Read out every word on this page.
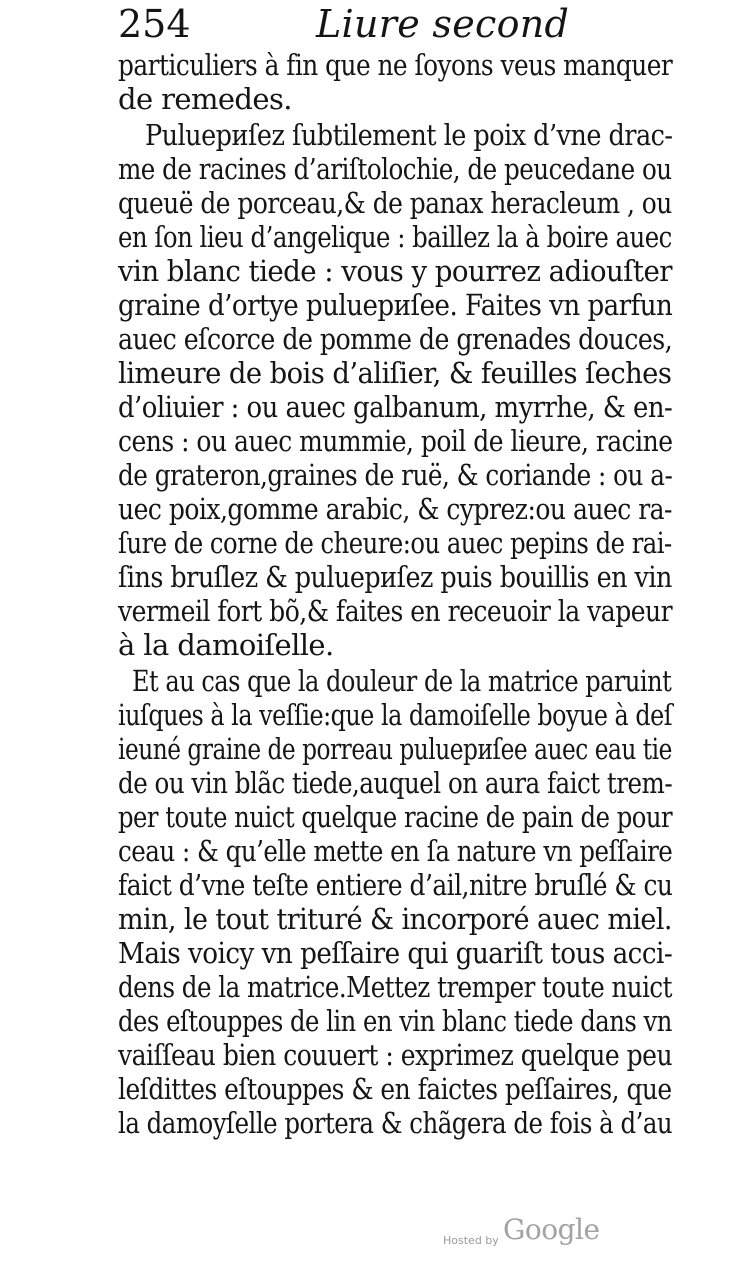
254	Liure second
particuliers à fin que ne ſoyons veus manquer
de remedes.
Puluериſez ſubtilement le poix d’vne drac-
me de racines d’ariſtolochie, de peucedane ou
queuë de porceau,& de panax heracleum , ou
en ſon lieu d’angelique : baillez la à boire auec
vin blanc tiede : vous y pourrez adiouſter
graine d’ortye puluериſee. Faites vn parfun
auec eſcorce de pomme de grenades douces,
limeure de bois d’aliſier, & feuilles ſeches
d’oliuier : ou auec galbanum, myrrhe, & en-
cens : ou auec mummie, poil de lieure, racine
de grateron,graines de ruë, & coriande : ou a-
uec poix,gomme arabic, & cyprez:ou auec ra-
ſure de corne de cheure:ou auec pepins de rai-
ſins bruſlez & puluериſez puis bouillis en vin
vermeil fort bõ,& faites en receuoir la vapeur
à la damoiſelle.
Et au cas que la douleur de la matrice paruint
iuſques à la veſſie:que la damoiſelle boyue à deſ
ieuné graine de porreau puluериſee auec eau tie
de ou vin blãc tiede,auquel on aura faict trem-
per toute nuict quelque racine de pain de pour
ceau : & qu’elle mette en ſa nature vn peſſaire
faict d’vne teſte entiere d’ail,nitre bruſlé & cu
min, le tout trituré & incorporé auec miel.
Mais voicy vn peſſaire qui guariſt tous acci-
dens de la matrice.Mettez tremper toute nuict
des eſtouppes de lin en vin blanc tiede dans vn
vaiſſeau bien couuert : exprimez quelque peu
leſdittes eſtouppes & en faictes peſſaires, que
la damoyſelle portera & chãgera de fois à d’au
Hosted by Google
